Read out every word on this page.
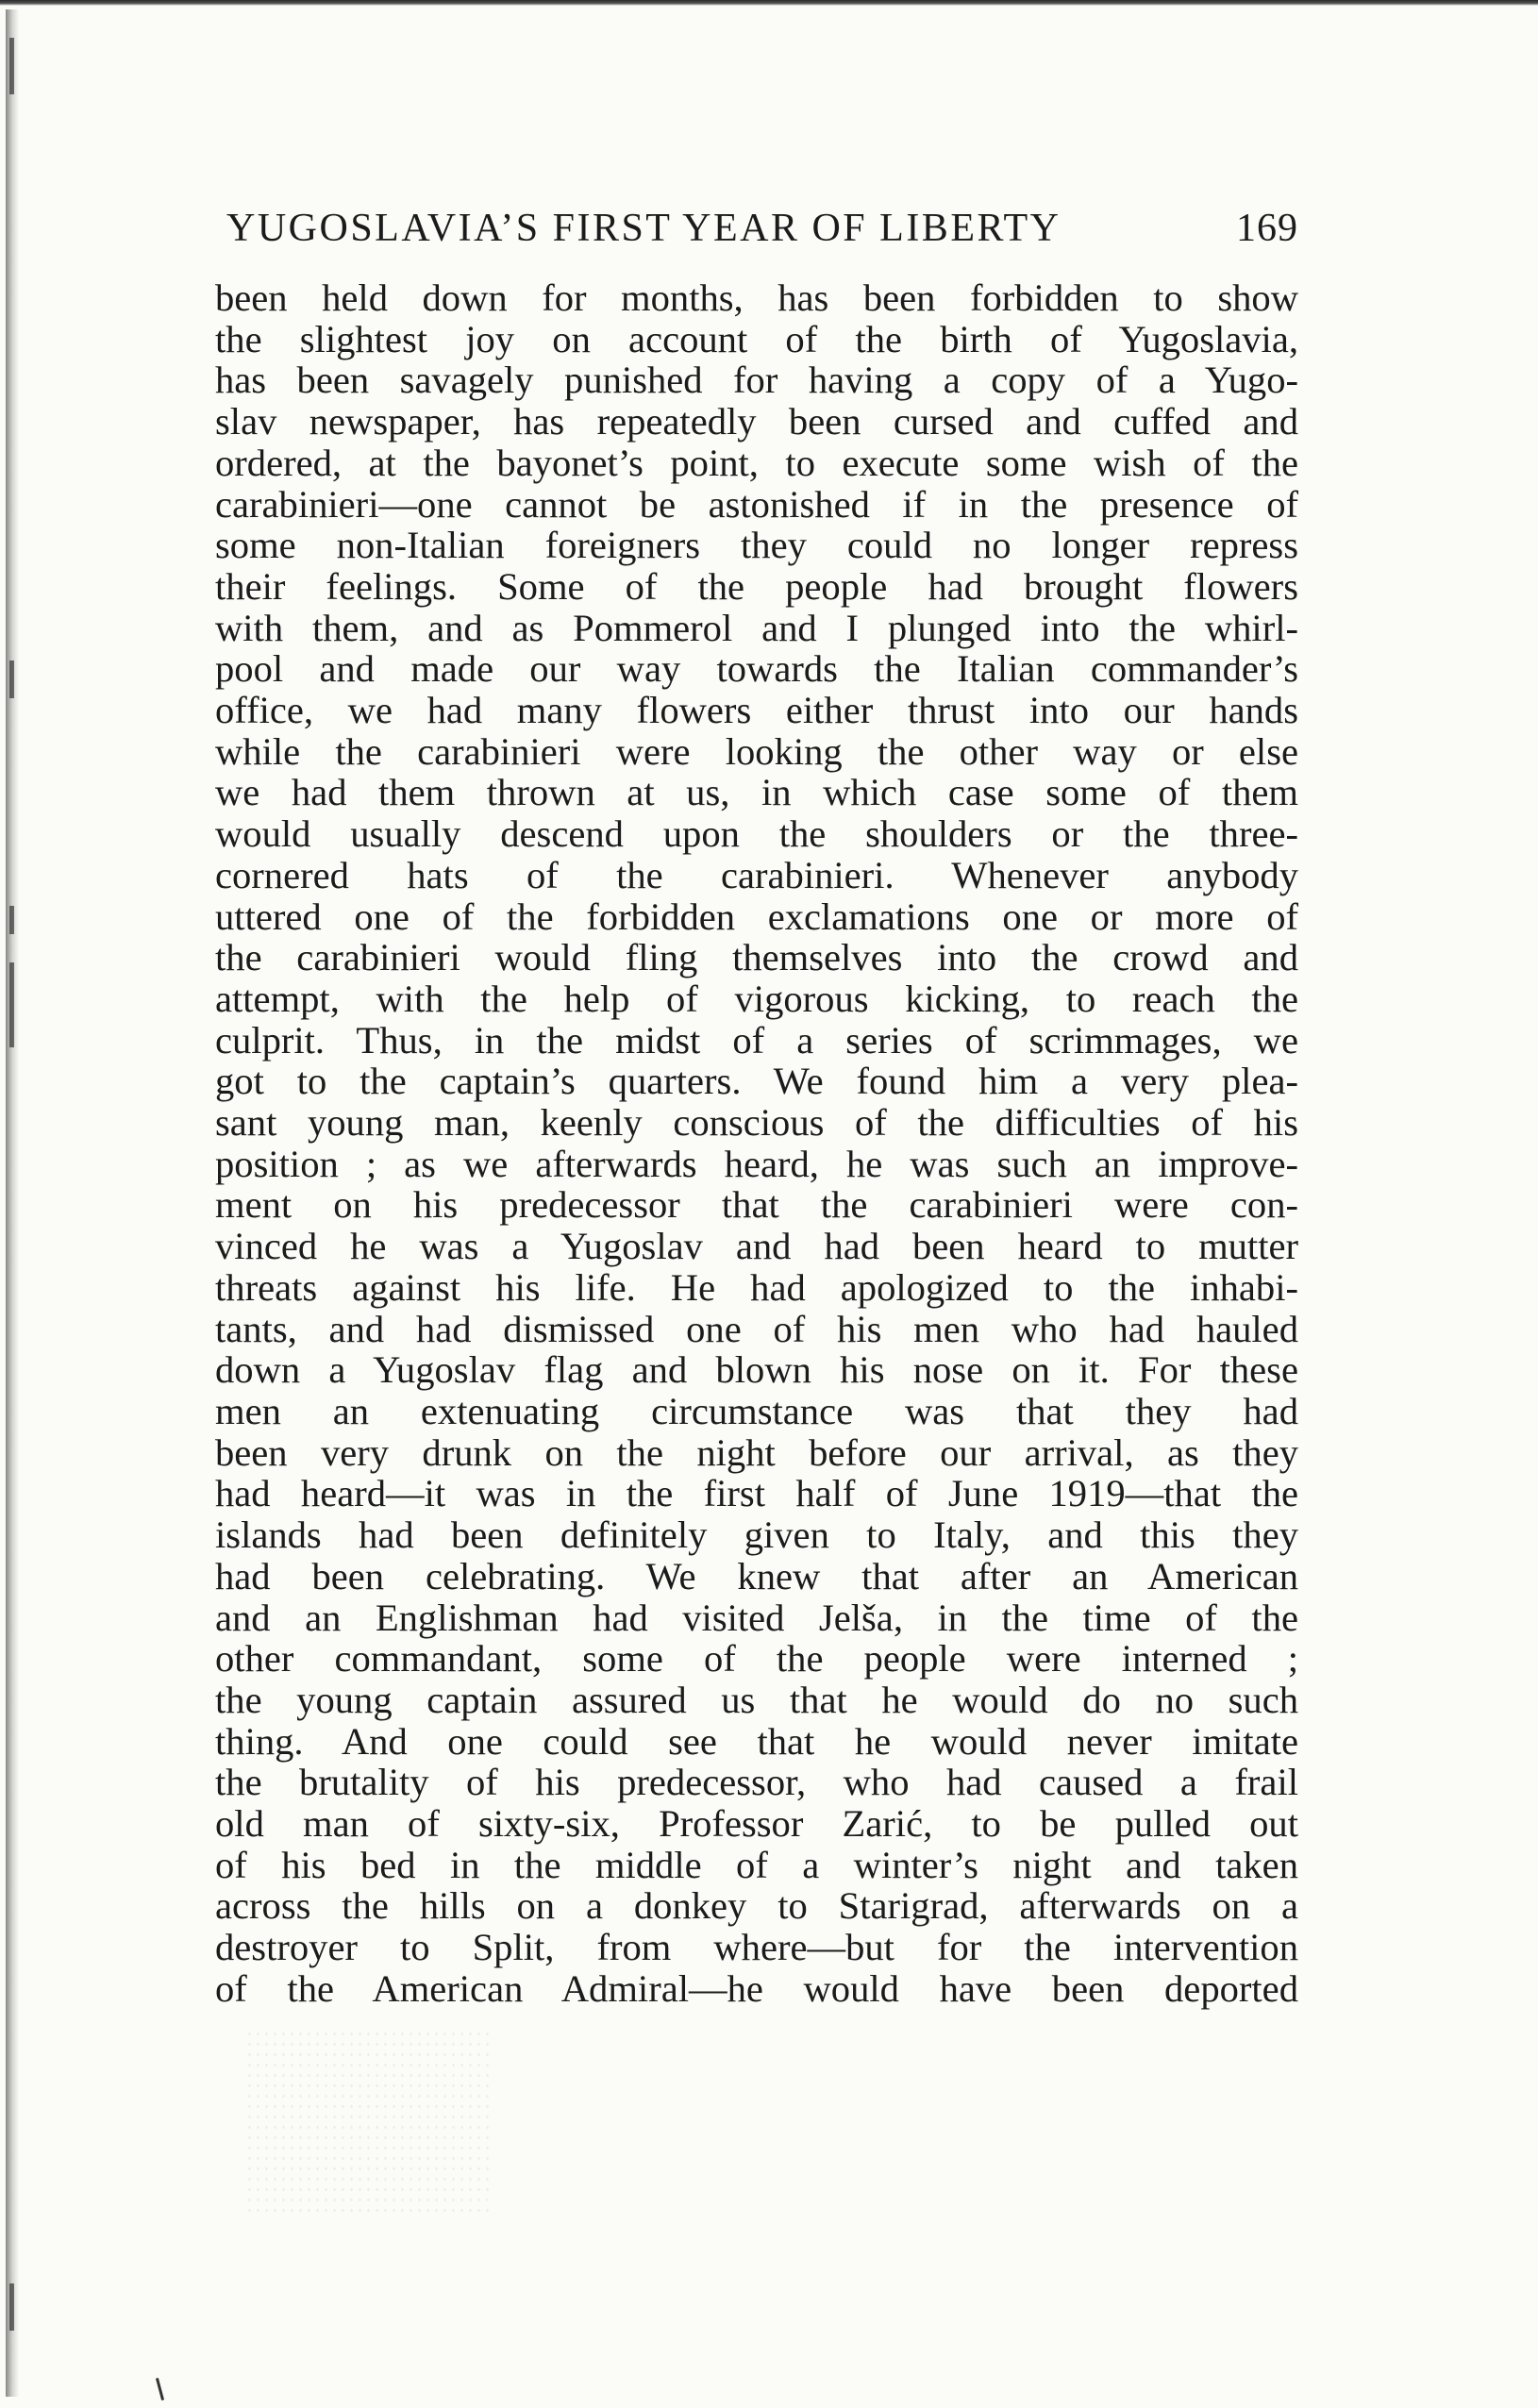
YUGOSLAVIA’S FIRST YEAR OF LIBERTY	169
been held down for months, has been forbidden to show
the slightest joy on account of the birth of Yugoslavia,
has been savagely punished for having a copy of a Yugo-
slav newspaper, has repeatedly been cursed and cuffed and
ordered, at the bayonet’s point, to execute some wish of the
carabinieri—one cannot be astonished if in the presence of
some non-Italian foreigners they could no longer repress
their feelings. Some of the people had brought flowers
with them, and as Pommerol and I plunged into the whirl-
pool and made our way towards the Italian commander’s
office, we had many flowers either thrust into our hands
while the carabinieri were looking the other way or else
we had them thrown at us, in which case some of them
would usually descend upon the shoulders or the three-
cornered hats of the carabinieri. Whenever anybody
uttered one of the forbidden exclamations one or more of
the carabinieri would fling themselves into the crowd and
attempt, with the help of vigorous kicking, to reach the
culprit. Thus, in the midst of a series of scrimmages, we
got to the captain’s quarters. We found him a very plea-
sant young man, keenly conscious of the difficulties of his
position ; as we afterwards heard, he was such an improve-
ment on his predecessor that the carabinieri were con-
vinced he was a Yugoslav and had been heard to mutter
threats against his life. He had apologized to the inhabi-
tants, and had dismissed one of his men who had hauled
down a Yugoslav flag and blown his nose on it. For these
men an extenuating circumstance was that they had
been very drunk on the night before our arrival, as they
had heard—it was in the first half of June 1919—that the
islands had been definitely given to Italy, and this they
had been celebrating. We knew that after an American
and an Englishman had visited Jelša, in the time of the
other commandant, some of the people were interned ;
the young captain assured us that he would do no such
thing. And one could see that he would never imitate
the brutality of his predecessor, who had caused a frail
old man of sixty-six, Professor Zarić, to be pulled out
of his bed in the middle of a winter’s night and taken
across the hills on a donkey to Starigrad, afterwards on a
destroyer to Split, from where—but for the intervention
of the American Admiral—he would have been deported
